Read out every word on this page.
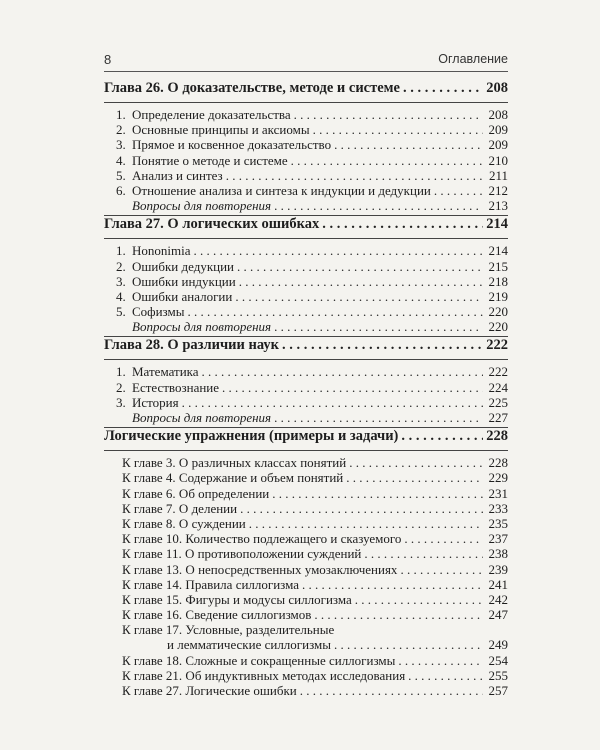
8	Оглавление
Глава 26. О доказательстве, методе и системе . . .	208
1. Определение доказательства . . .	208
2. Основные принципы и аксиомы . . .	209
3. Прямое и косвенное доказательство . . .	209
4. Понятие о методе и системе . . .	210
5. Анализ и синтез . . .	211
6. Отношение анализа и синтеза к индукции и дедукции . . .	212
Вопросы для повторения . . .	213
Глава 27. О логических ошибках . . .	214
1. Hononimia . . .	214
2. Ошибки дедукции . . .	215
3. Ошибки индукции . . .	218
4. Ошибки аналогии . . .	219
5. Софизмы . . .	220
Вопросы для повторения . . .	220
Глава 28. О различии наук . . .	222
1. Математика . . .	222
2. Естествознание . . .	224
3. История . . .	225
Вопросы для повторения . . .	227
Логические упражнения (примеры и задачи) . . .	228
К главе 3. О различных классах понятий . . .	228
К главе 4. Содержание и объем понятий . . .	229
К главе 6. Об определении . . .	231
К главе 7. О делении . . .	233
К главе 8. О суждении . . .	235
К главе 10. Количество подлежащего и сказуемого . . .	237
К главе 11. О противоположении суждений . . .	238
К главе 13. О непосредственных умозаключениях . . .	239
К главе 14. Правила силлогизма . . .	241
К главе 15. Фигуры и модусы силлогизма . . .	242
К главе 16. Сведение силлогизмов . . .	247
К главе 17. Условные, разделительные
и лемматические силлогизмы . . .	249
К главе 18. Сложные и сокращенные силлогизмы . . .	254
К главе 21. Об индуктивных методах исследования . . .	255
К главе 27. Логические ошибки . . .	257
